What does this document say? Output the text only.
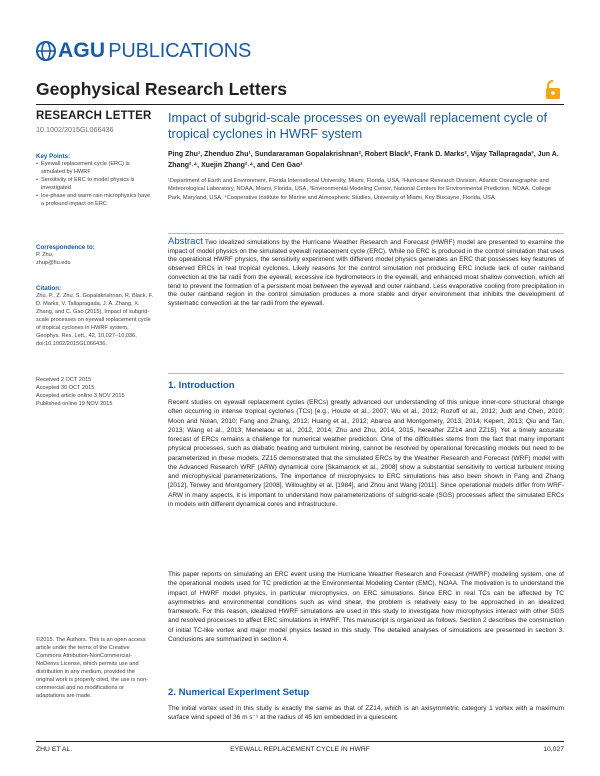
AGU PUBLICATIONS
Geophysical Research Letters
RESEARCH LETTER
10.1002/2015GL066436
Key Points:
• Eyewall replacement cycle (ERC) is simulated by HWRF
• Sensitivity of ERC to model physics is investigated
• Ice-phase and warm rain microphysics have a profound impact on ERC
Correspondence to:
P. Zhu,
zhup@fiu.edu
Citation:
Zhu, P., Z. Zhu, S. Gopalakrishnan, R. Black, F. D. Marks, V. Tallapragada, J. A. Zhang, X. Zhang, and C. Gao (2015), Impact of subgrid-scale processes on eyewall replacement cycle of tropical cyclones in HWRF system, Geophys. Res. Lett., 42, 10,027–10,036, doi:10.1002/2015GL066436.
Received 2 OCT 2015
Accepted 30 OCT 2015
Accepted article online 3 NOV 2015
Published online 19 NOV 2015
©2015. The Authors. This is an open access article under the terms of the Creative Commons Attribution-NonCommercial-NoDerivs License, which permits use and distribution in any medium, provided the original work is properly cited, the use is non-commercial and no modifications or adaptations are made.
Impact of subgrid-scale processes on eyewall replacement cycle of tropical cyclones in HWRF system
Ping Zhu¹, Zhenduo Zhu¹, Sundararaman Gopalakrishnan², Robert Black², Frank D. Marks², Vijay Tallapragada³, Jun A. Zhang²˒⁴, Xuejin Zhang²˒⁴, and Cen Gao¹
¹Department of Earth and Environment, Florida International University, Miami, Florida, USA, ²Hurricane Research Division, Atlantic Oceanographic and Meteorological Laboratory, NOAA, Miami, Florida, USA, ³Environmental Modeling Center, National Centers for Environmental Prediction, NOAA, College Park, Maryland, USA, ⁴Cooperative Institute for Marine and Atmospheric Studies, University of Miami, Key Biscayne, Florida, USA
Abstract Two idealized simulations by the Hurricane Weather Research and Forecast (HWRF) model are presented to examine the impact of model physics on the simulated eyewall replacement cycle (ERC). While no ERC is produced in the control simulation that uses the operational HWRF physics, the sensitivity experiment with different model physics generates an ERC that possesses key features of observed ERCs in real tropical cyclones. Likely reasons for the control simulation not producing ERC include lack of outer rainband convection at the far radii from the eyewall, excessive ice hydrometeors in the eyewall, and enhanced moat shallow convection, which all tend to prevent the formation of a persistent moat between the eyewall and outer rainband. Less evaporative cooling from precipitation in the outer rainband region in the control simulation produces a more stable and dryer environment that inhibits the development of systematic convection at the far radii from the eyewall.
1. Introduction
Recent studies on eyewall replacement cycles (ERCs) greatly advanced our understanding of this unique inner-core structural change often occurring in intense tropical cyclones (TCs) [e.g., Houze et al., 2007; Wu et al., 2012; Rozoff et al., 2012; Judt and Chen, 2010; Moon and Nolan, 2010; Fang and Zhang, 2012; Huang et al., 2012; Abarca and Montgomery, 2013, 2014; Kepert, 2013; Qiu and Tan, 2013; Wang et al., 2013; Menelaou et al., 2012, 2014; Zhu and Zhu, 2014, 2015, hereafter ZZ14 and ZZ15]. Yet a timely accurate forecast of ERCs remains a challenge for numerical weather prediction. One of the difficulties stems from the fact that many important physical processes, such as diabatic heating and turbulent mixing, cannot be resolved by operational forecasting models but need to be parameterized in these models. ZZ15 demonstrated that the simulated ERCs by the Weather Research and Forecast (WRF) model with the Advanced Research WRF (ARW) dynamical core [Skamarock et al., 2008] show a substantial sensitivity to vertical turbulent mixing and microphysical parameterizations. The importance of microphysics to ERC simulations has also been shown in Fang and Zhang [2012], Terwey and Montgomery [2008], Willoughby et al. [1984], and Zhou and Wang [2011]. Since operational models differ from WRF-ARW in many aspects, it is important to understand how parameterizations of subgrid-scale (SGS) processes affect the simulated ERCs in models with different dynamical cores and infrastructure.
This paper reports on simulating an ERC event using the Hurricane Weather Research and Forecast (HWRF) modeling system, one of the operational models used for TC prediction at the Environmental Modeling Center (EMC), NOAA. The motivation is to understand the impact of HWRF model physics, in particular microphysics, on ERC simulations. Since ERC in real TCs can be affected by TC asymmetries and environmental conditions such as wind shear, the problem is relatively easy to be approached in an idealized framework. For this reason, idealized HWRF simulations are used in this study to investigate how microphysics interact with other SGS and resolved processes to affect ERC simulations in HWRF. This manuscript is organized as follows. Section 2 describes the construction of initial TC-like vortex and major model physics tested in this study. The detailed analyses of simulations are presented in section 3. Conclusions are summarized in section 4.
2. Numerical Experiment Setup
The initial vortex used in this study is exactly the same as that of ZZ14, which is an axisymmetric category 1 vortex with a maximum surface wind speed of 36 m s⁻¹ at the radius of 45 km embedded in a quiescent
ZHU ET AL.	EYEWALL REPLACEMENT CYCLE IN HWRF	10,027
